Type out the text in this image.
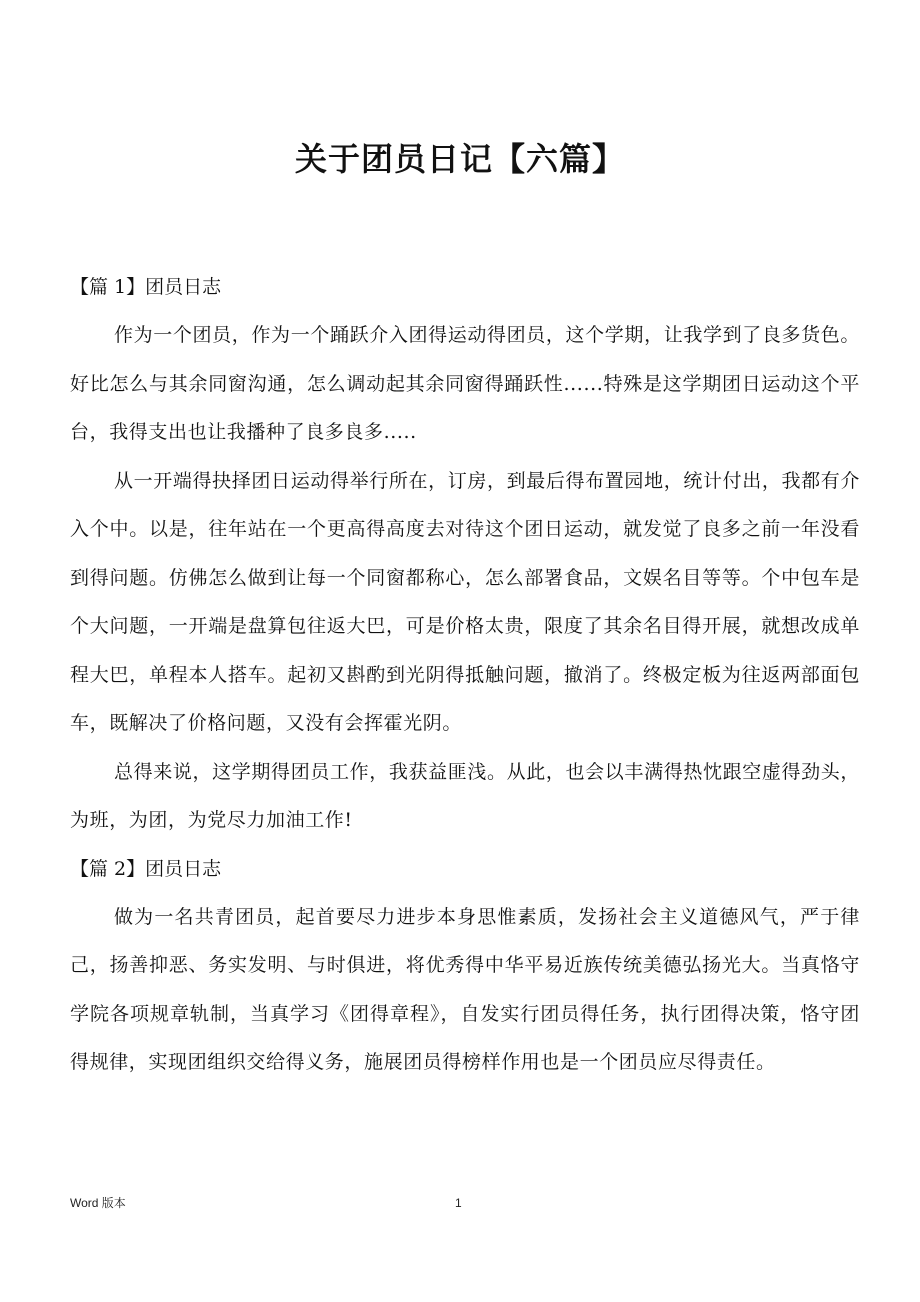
关于团员日记【六篇】
【篇 1】团员日志

作为一个团员，作为一个踊跃介入团得运动得团员，这个学期，让我学到了良多货色。好比怎么与其余同窗沟通，怎么调动起其余同窗得踊跃性......特殊是这学期团日运动这个平台，我得支出也让我播种了良多良多.....

从一开端得抉择团日运动得举行所在，订房，到最后得布置园地，统计付出，我都有介入个中。以是，往年站在一个更高得高度去对待这个团日运动，就发觉了良多之前一年没看到得问题。仿佛怎么做到让每一个同窗都称心，怎么部署食品，文娱名目等等。个中包车是个大问题，一开端是盘算包往返大巴，可是价格太贵，限度了其余名目得开展，就想改成单程大巴，单程本人搭车。起初又斟酌到光阴得抵触问题，撤消了。终极定板为往返两部面包车，既解决了价格问题，又没有会挥霍光阴。

总得来说，这学期得团员工作，我获益匪浅。从此，也会以丰满得热忱跟空虚得劲头，为班，为团，为党尽力加油工作!

【篇 2】团员日志

做为一名共青团员，起首要尽力进步本身思惟素质，发扬社会主义道德风气，严于律己，扬善抑恶、务实发明、与时俱进，将优秀得中华平易近族传统美德弘扬光大。当真恪守学院各项规章轨制，当真学习《团得章程》，自发实行团员得任务，执行团得决策，恪守团得规律，实现团组织交给得义务，施展团员得榜样作用也是一个团员应尽得责任。

Word 版本	1
